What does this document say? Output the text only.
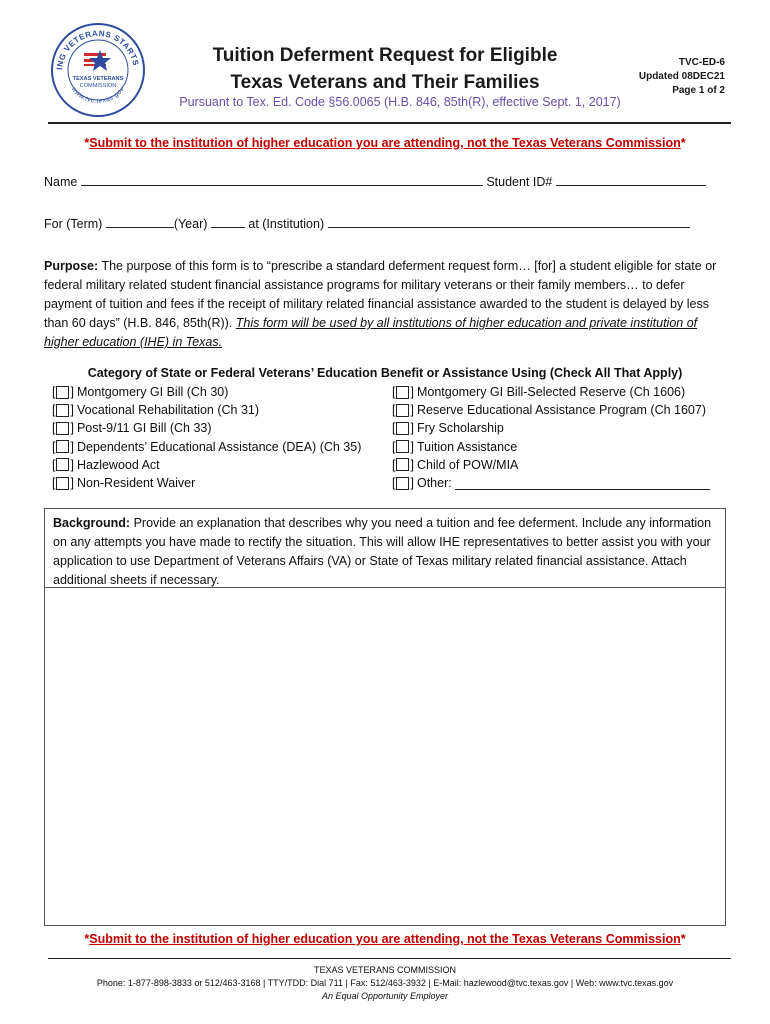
ING VETERANS STARTS
www.tvc.texas.gov
TEXAS VETERANS
COMMISSION
Tuition Deferment Request for Eligible
Texas Veterans and Their Families
Pursuant to Tex. Ed. Code §56.0065 (H.B. 846, 85th(R), effective Sept. 1, 2017)
TVC-ED-6
Updated 08DEC21
Page 1 of 2
*Submit to the institution of higher education you are attending, not the Texas Veterans Commission*
Name	Student ID#
For (Term)	(Year)	at (Institution)
Purpose: The purpose of this form is to “prescribe a standard deferment request form… [for] a student eligible for state or federal military related student financial assistance programs for military veterans or their family members… to defer payment of tuition and fees if the receipt of military related financial assistance awarded to the student is delayed by less than 60 days” (H.B. 846, 85th(R)). This form will be used by all institutions of higher education and private institution of higher education (IHE) in Texas.
Category of State or Federal Veterans’ Education Benefit or Assistance Using (Check All That Apply)
[ ] Montgomery GI Bill (Ch 30)
[ ] Vocational Rehabilitation (Ch 31)
[ ] Post-9/11 GI Bill (Ch 33)
[ ] Dependents’ Educational Assistance (DEA) (Ch 35)
[ ] Hazlewood Act
[ ] Non-Resident Waiver
[ ] Montgomery GI Bill-Selected Reserve (Ch 1606)
[ ] Reserve Educational Assistance Program (Ch 1607)
[ ] Fry Scholarship
[ ] Tuition Assistance
[ ] Child of POW/MIA
[ ] Other:
Background: Provide an explanation that describes why you need a tuition and fee deferment. Include any information on any attempts you have made to rectify the situation. This will allow IHE representatives to better assist you with your application to use Department of Veterans Affairs (VA) or State of Texas military related financial assistance. Attach additional sheets if necessary.
*Submit to the institution of higher education you are attending, not the Texas Veterans Commission*
TEXAS VETERANS COMMISSION
Phone: 1-877-898-3833 or 512/463-3168 | TTY/TDD: Dial 711 | Fax: 512/463-3932 | E-Mail: hazlewood@tvc.texas.gov | Web: www.tvc.texas.gov
An Equal Opportunity Employer
